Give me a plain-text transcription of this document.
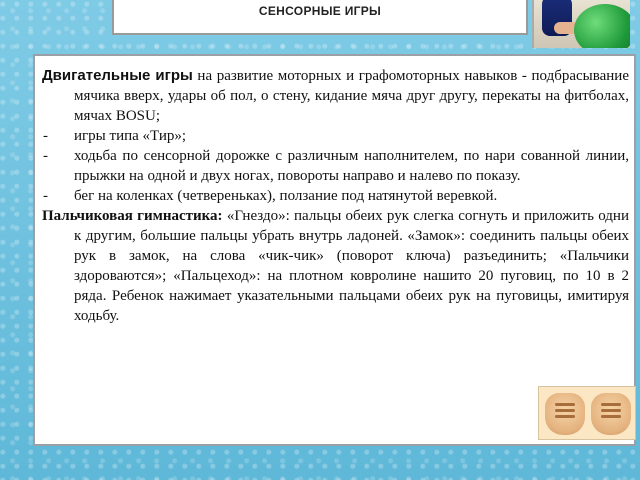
СЕНСОРНЫЕ ИГРЫ

Двигательные игры на развитие моторных и графомоторных навыков - подбрасывание мячика вверх, удары об пол, о стену, кидание мяча друг другу, перекаты на фитболах, мячах BOSU;

- игры типа «Тир»;

- ходьба по сенсорной дорожке с различным наполнителем, по нари сованной линии, прыжки на одной и двух ногах, повороты направо и налево по показу.

- бег на коленках (четвереньках), ползание под натянутой веревкой.

Пальчиковая гимнастика: «Гнездо»: пальцы обеих рук слегка согнуть и приложить одни к другим, большие пальцы убрать внутрь ладоней. «Замок»: соединить пальцы обеих рук в замок, на слова «чик-чик» (поворот ключа) разъединить; «Пальчики здороваются»; «Пальцеход»: на плотном ковролине нашито 20 пуговиц, по 10 в 2 ряда. Ребенок нажимает указательными пальцами обеих рук на пуговицы, имитируя ходьбу.
